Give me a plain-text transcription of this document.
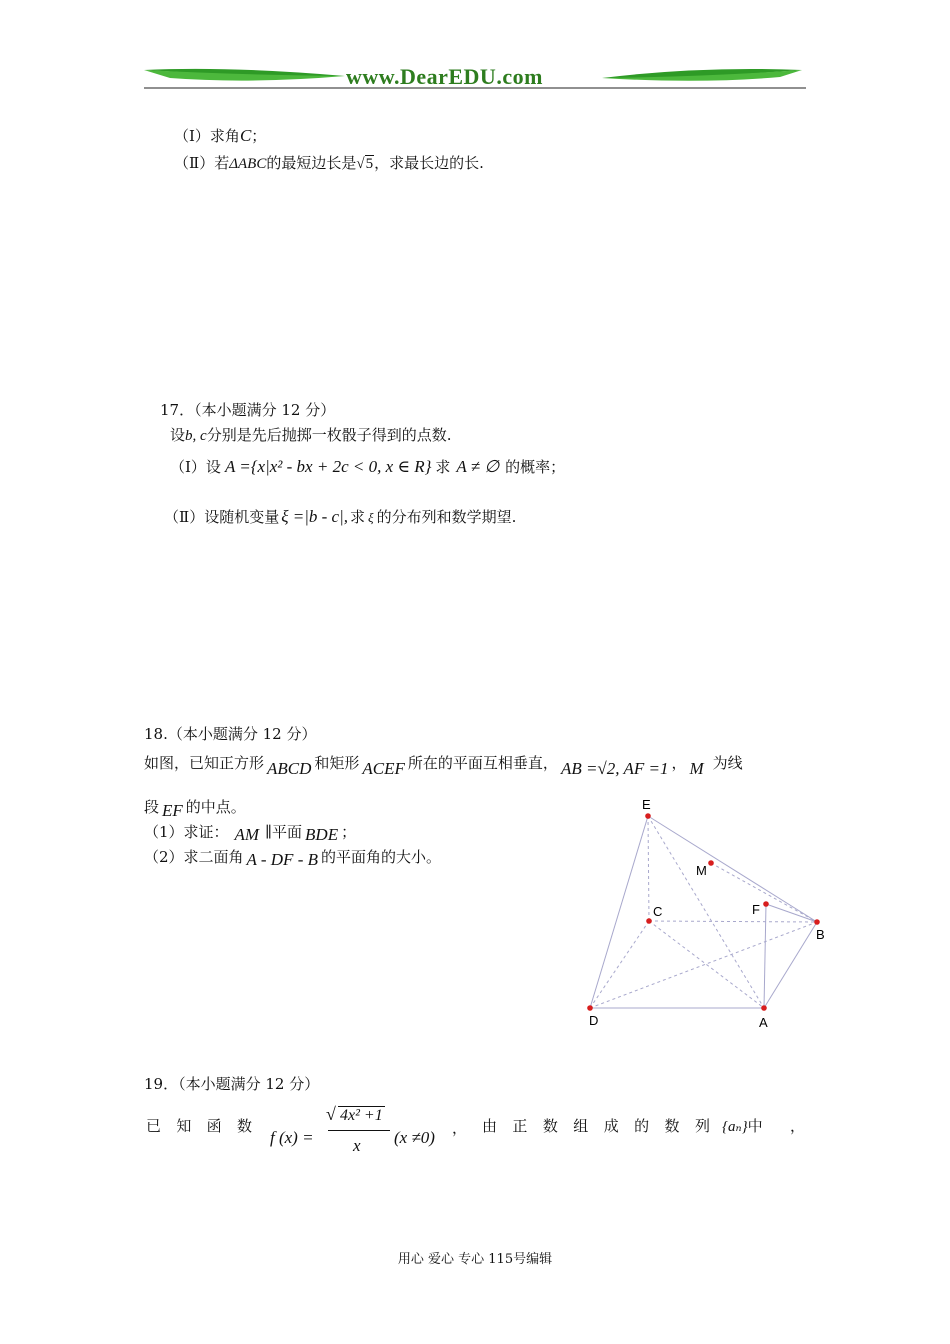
www.DearEDU.com
（Ⅰ）求角C；
（Ⅱ）若ΔABC的最短边长是√5，求最长边的长.
17．（本小题满分 12 分）
设b, c分别是先后抛掷一枚骰子得到的点数.
（Ⅰ）设 A ={x|x² - bx + 2c < 0, x ∈ R} 求 A ≠ ∅ 的概率；
（Ⅱ）设随机变量 ξ =|b - c|, 求 ξ 的分布列和数学期望.
18.（本小题满分 12 分）
如图，已知正方形 ABCD 和矩形 ACEF 所在的平面互相垂直， AB =√2, AF =1 ， M 为线
段 EF 的中点。
（1）求证： AM ∥平面 BDE ；
（2）求二面角 A - DF - B 的平面角的大小。
E
M
C	F
B
D	A
19．（本小题满分 12 分）
已 知 函 数
f (x) =
√ 4x² +1
x (x ≠0) ， 由 正 数 组 成 的 数 列 {aₙ}中 ，
用心 爱心 专心 115号编辑
